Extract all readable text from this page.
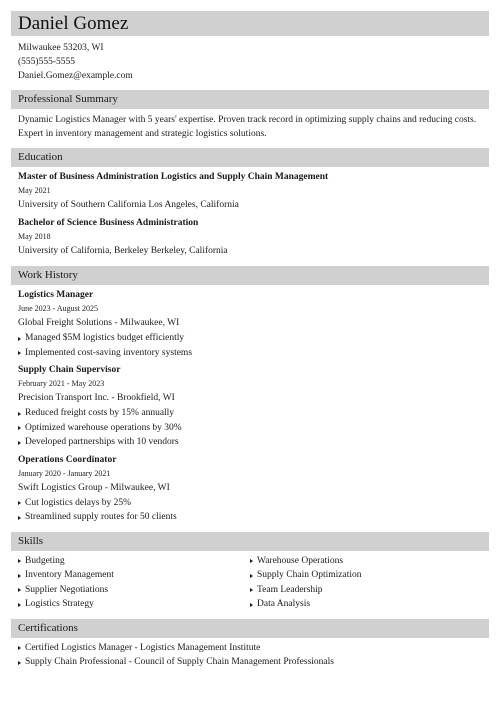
Daniel Gomez
Milwaukee 53203, WI
(555)555-5555
Daniel.Gomez@example.com
Professional Summary
Dynamic Logistics Manager with 5 years' expertise. Proven track record in optimizing supply chains and reducing costs. Expert in inventory management and strategic logistics solutions.
Education
Master of Business Administration Logistics and Supply Chain Management
May 2021
University of Southern California Los Angeles, California
Bachelor of Science Business Administration
May 2018
University of California, Berkeley Berkeley, California
Work History
Logistics Manager
June 2023 - August 2025
Global Freight Solutions - Milwaukee, WI
Managed $5M logistics budget efficiently
Implemented cost-saving inventory systems
Supply Chain Supervisor
February 2021 - May 2023
Precision Transport Inc. - Brookfield, WI
Reduced freight costs by 15% annually
Optimized warehouse operations by 30%
Developed partnerships with 10 vendors
Operations Coordinator
January 2020 - January 2021
Swift Logistics Group - Milwaukee, WI
Cut logistics delays by 25%
Streamlined supply routes for 50 clients
Skills
Budgeting
Inventory Management
Supplier Negotiations
Logistics Strategy
Warehouse Operations
Supply Chain Optimization
Team Leadership
Data Analysis
Certifications
Certified Logistics Manager - Logistics Management Institute
Supply Chain Professional - Council of Supply Chain Management Professionals
